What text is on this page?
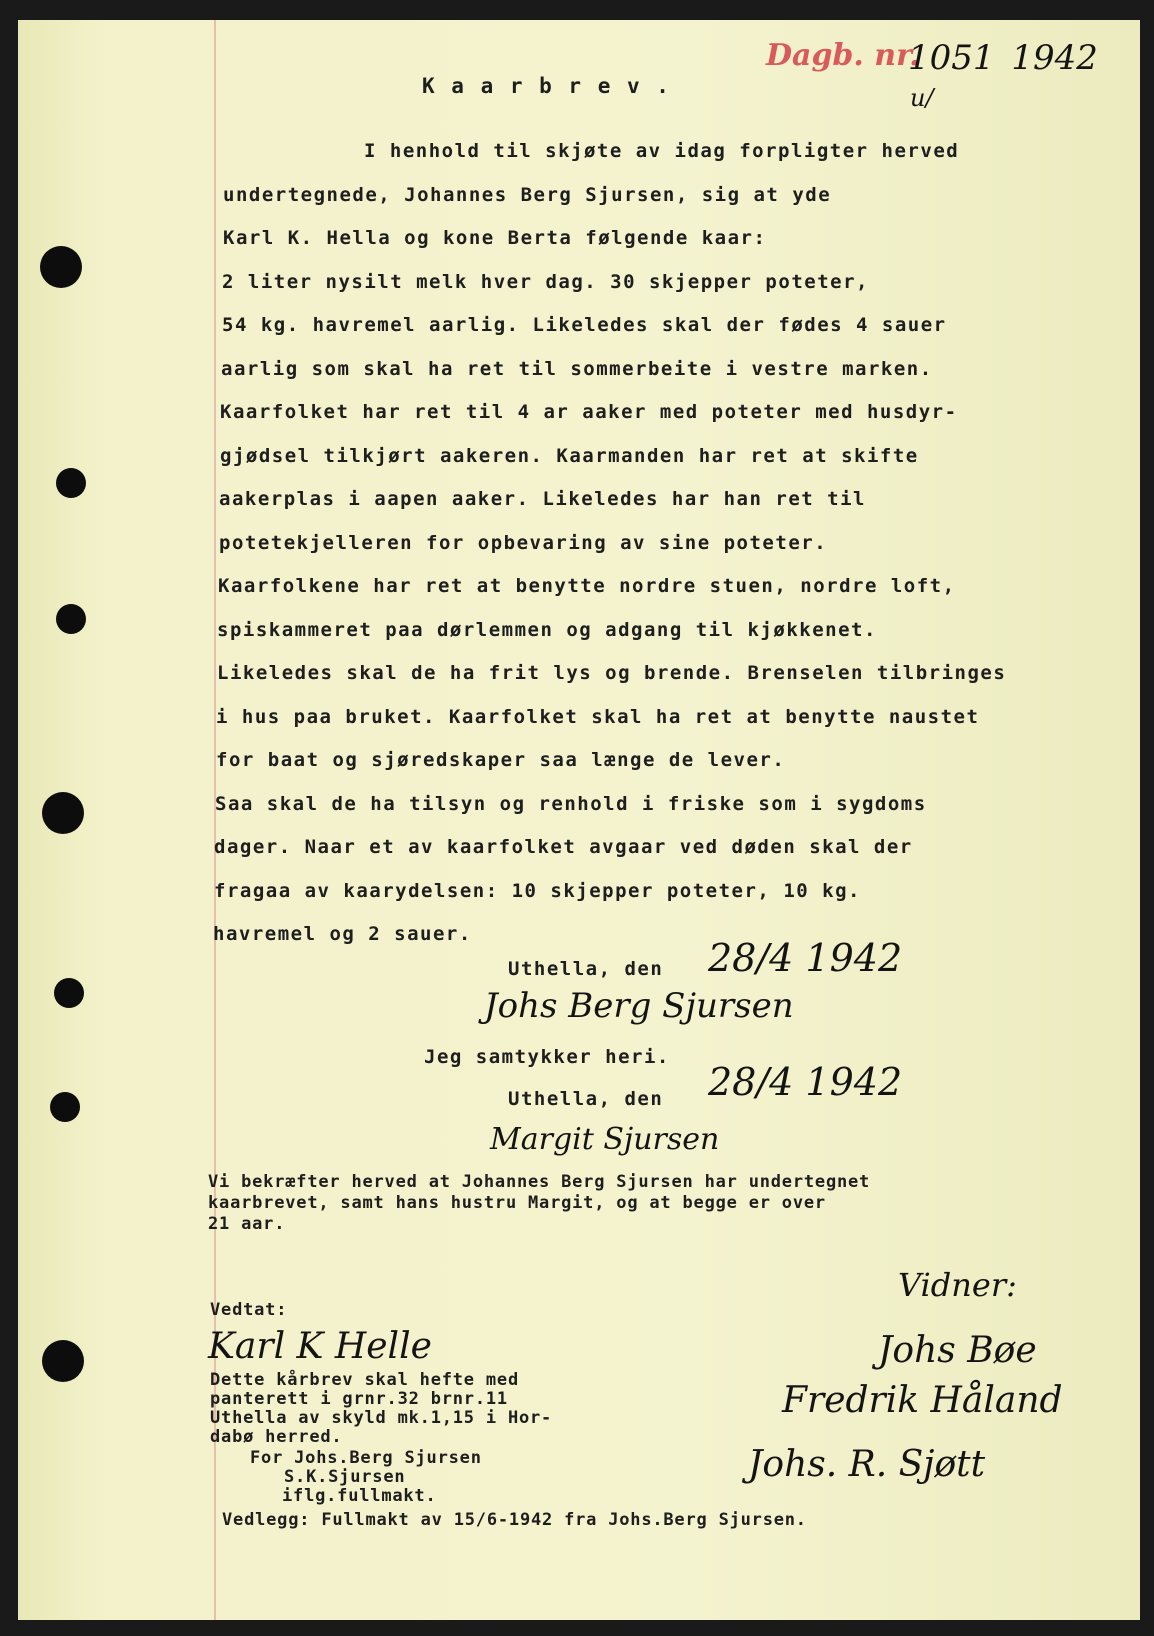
Dagb. nr.
1051 1942
u/
K a a r b r e v .
I henhold til skjøte av idag forpligter herved
undertegnede, Johannes Berg Sjursen, sig at yde
Karl K. Hella og kone Berta følgende kaar:
2 liter nysilt melk hver dag. 30 skjepper poteter,
54 kg. havremel aarlig. Likeledes skal der fødes 4 sauer
aarlig som skal ha ret til sommerbeite i vestre marken.
Kaarfolket har ret til 4 ar aaker med poteter med husdyr-
gjødsel tilkjørt aakeren. Kaarmanden har ret at skifte
aakerplas i aapen aaker. Likeledes har han ret til
potetekjelleren for opbevaring av sine poteter.
Kaarfolkene har ret at benytte nordre stuen, nordre loft,
spiskammeret paa dørlemmen og adgang til kjøkkenet.
Likeledes skal de ha frit lys og brende. Brenselen tilbringes
i hus paa bruket. Kaarfolket skal ha ret at benytte naustet
for baat og sjøredskaper saa længe de lever.
Saa skal de ha tilsyn og renhold i friske som i sygdoms
dager. Naar et av kaarfolket avgaar ved døden skal der
fragaa av kaarydelsen: 10 skjepper poteter, 10 kg.
havremel og 2 sauer.
Uthella, den 28/4 1942
Johs Berg Sjursen
Jeg samtykker heri.
Uthella, den 28/4 1942
Margit Sjursen
Vi bekræfter herved at Johannes Berg Sjursen har undertegnet
kaarbrevet, samt hans hustru Margit, og at begge er over
21 aar.
Vedtat:
Karl K Helle
Dette kårbrev skal hefte med
panterett i grnr.32 brnr.11
Uthella av skyld mk.1,15 i Hor-
dabø herred.
For Johs.Berg Sjursen
S.K.Sjursen
iflg.fullmakt.
Vedlegg: Fullmakt av 15/6-1942 fra Johs.Berg Sjursen.
Vidner:
Johs Bøe
Fredrik Håland
Johs. R. Sjøtt
